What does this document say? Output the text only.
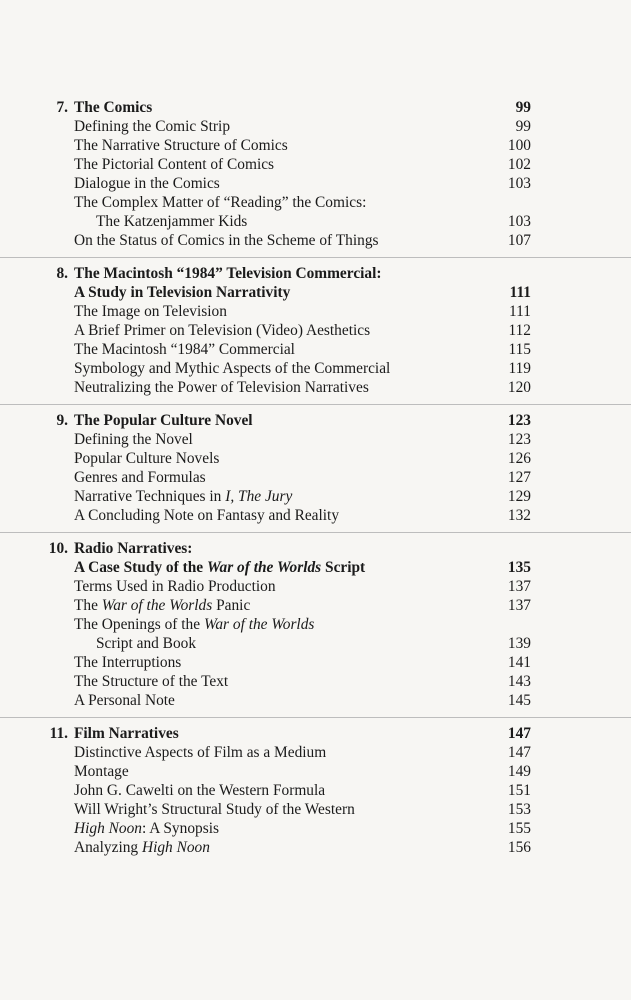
7. The Comics	99
Defining the Comic Strip	99
The Narrative Structure of Comics	100
The Pictorial Content of Comics	102
Dialogue in the Comics	103
The Complex Matter of “Reading” the Comics:
The Katzenjammer Kids	103
On the Status of Comics in the Scheme of Things	107
8. The Macintosh “1984” Television Commercial:
A Study in Television Narrativity	111
The Image on Television	111
A Brief Primer on Television (Video) Aesthetics	112
The Macintosh “1984” Commercial	115
Symbology and Mythic Aspects of the Commercial	119
Neutralizing the Power of Television Narratives	120
9. The Popular Culture Novel	123
Defining the Novel	123
Popular Culture Novels	126
Genres and Formulas	127
Narrative Techniques in I, The Jury	129
A Concluding Note on Fantasy and Reality	132
10. Radio Narratives:
A Case Study of the War of the Worlds Script	135
Terms Used in Radio Production	137
The War of the Worlds Panic	137
The Openings of the War of the Worlds
Script and Book	139
The Interruptions	141
The Structure of the Text	143
A Personal Note	145
11. Film Narratives	147
Distinctive Aspects of Film as a Medium	147
Montage	149
John G. Cawelti on the Western Formula	151
Will Wright’s Structural Study of the Western	153
High Noon: A Synopsis	155
Analyzing High Noon	156
